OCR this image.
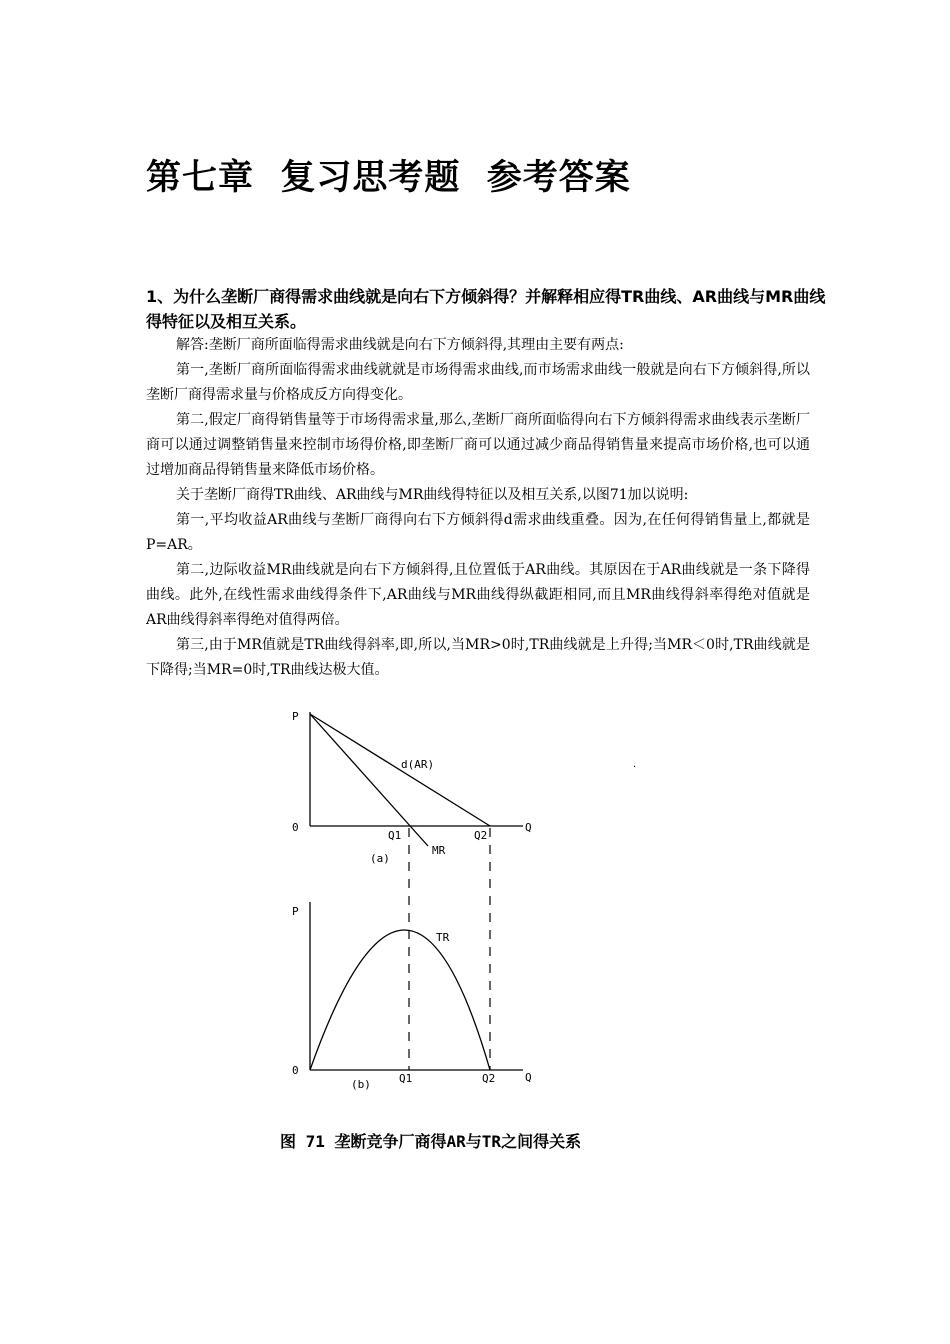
第七章  复习思考题  参考答案

1、为什么垄断厂商得需求曲线就是向右下方倾斜得？并解释相应得TR曲线、AR曲线与MR曲线得特征以及相互关系。

解答:垄断厂商所面临得需求曲线就是向右下方倾斜得,其理由主要有两点:

第一,垄断厂商所面临得需求曲线就就是市场得需求曲线,而市场需求曲线一般就是向右下方倾斜得,所以垄断厂商得需求量与价格成反方向得变化。

第二,假定厂商得销售量等于市场得需求量,那么,垄断厂商所面临得向右下方倾斜得需求曲线表示垄断厂商可以通过调整销售量来控制市场得价格,即垄断厂商可以通过减少商品得销售量来提高市场价格,也可以通过增加商品得销售量来降低市场价格。

关于垄断厂商得TR曲线、AR曲线与MR曲线得特征以及相互关系,以图71加以说明:

第一,平均收益AR曲线与垄断厂商得向右下方倾斜得d需求曲线重叠。因为,在任何得销售量上,都就是P=AR。

第二,边际收益MR曲线就是向右下方倾斜得,且位置低于AR曲线。其原因在于AR曲线就是一条下降得曲线。此外,在线性需求曲线得条件下,AR曲线与MR曲线得纵截距相同,而且MR曲线得斜率得绝对值就是AR曲线得斜率得绝对值得两倍。

第三,由于MR值就是TR曲线得斜率,即,所以,当MR>0时,TR曲线就是上升得;当MR＜0时,TR曲线就是下降得;当MR=0时,TR曲线达极大值。

P
0	Q
Q1	Q2
d(AR)
MR
(a)
P
0
Q
Q1	Q2
TR
(b)
.

图 71 垄断竞争厂商得AR与TR之间得关系
